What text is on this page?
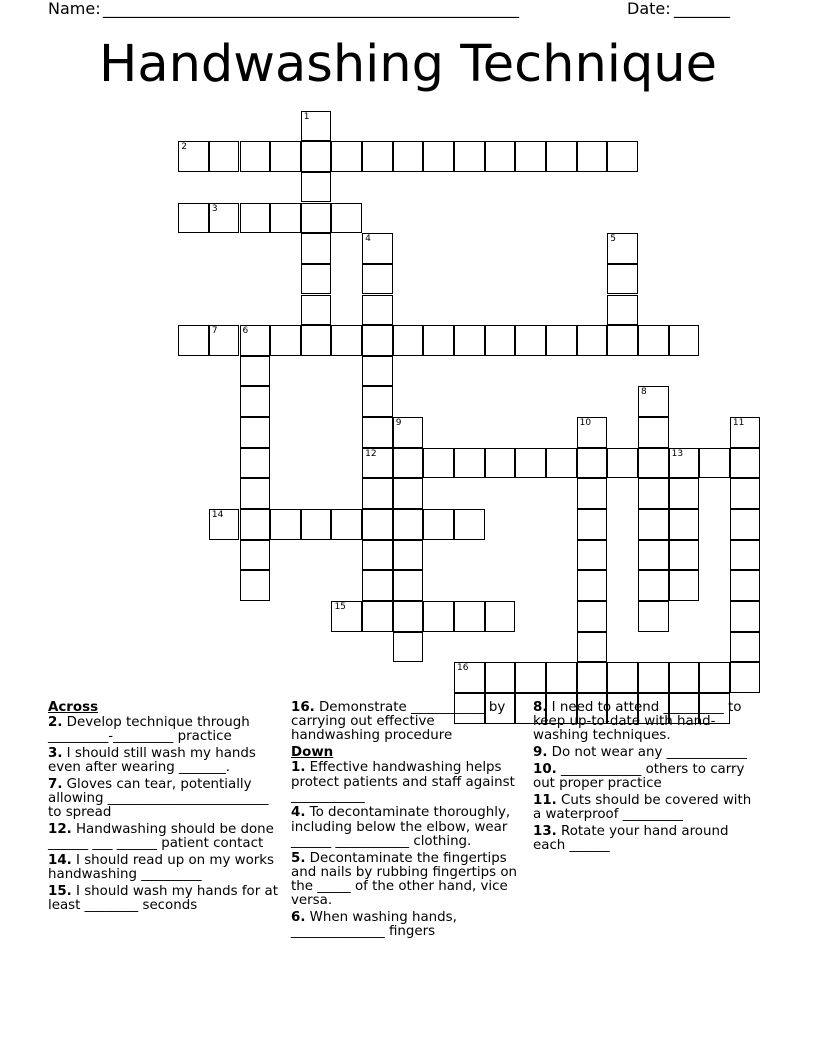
Name: ____________________________________________________	Date: _______
Handwashing Technique
1
2
3
4
12
7	6
5
8
9	10	11
13
14
15
16
Across
2. Develop technique through _________-_________ practice
3. I should still wash my hands even after wearing _______.
7. Gloves can tear, potentially allowing ________________________ to spread
12. Handwashing should be done ______ ___ ______ patient contact
14. I should read up on my works handwashing _________
15. I should wash my hands for at least ________ seconds
16. Demonstrate ___________ by carrying out effective handwashing procedure
Down
1. Effective handwashing helps protect patients and staff against ___________
4. To decontaminate thoroughly, including below the elbow, wear ______ ___________ clothing.
5. Decontaminate the fingertips and nails by rubbing fingertips on the _____ of the other hand, vice versa.
6. When washing hands, ______________ fingers
8. I need to attend _________ to keep up-to-date with hand-washing techniques.
9. Do not wear any ____________
10. ____________ others to carry out proper practice
11. Cuts should be covered with a waterproof _________
13. Rotate your hand around each ______
